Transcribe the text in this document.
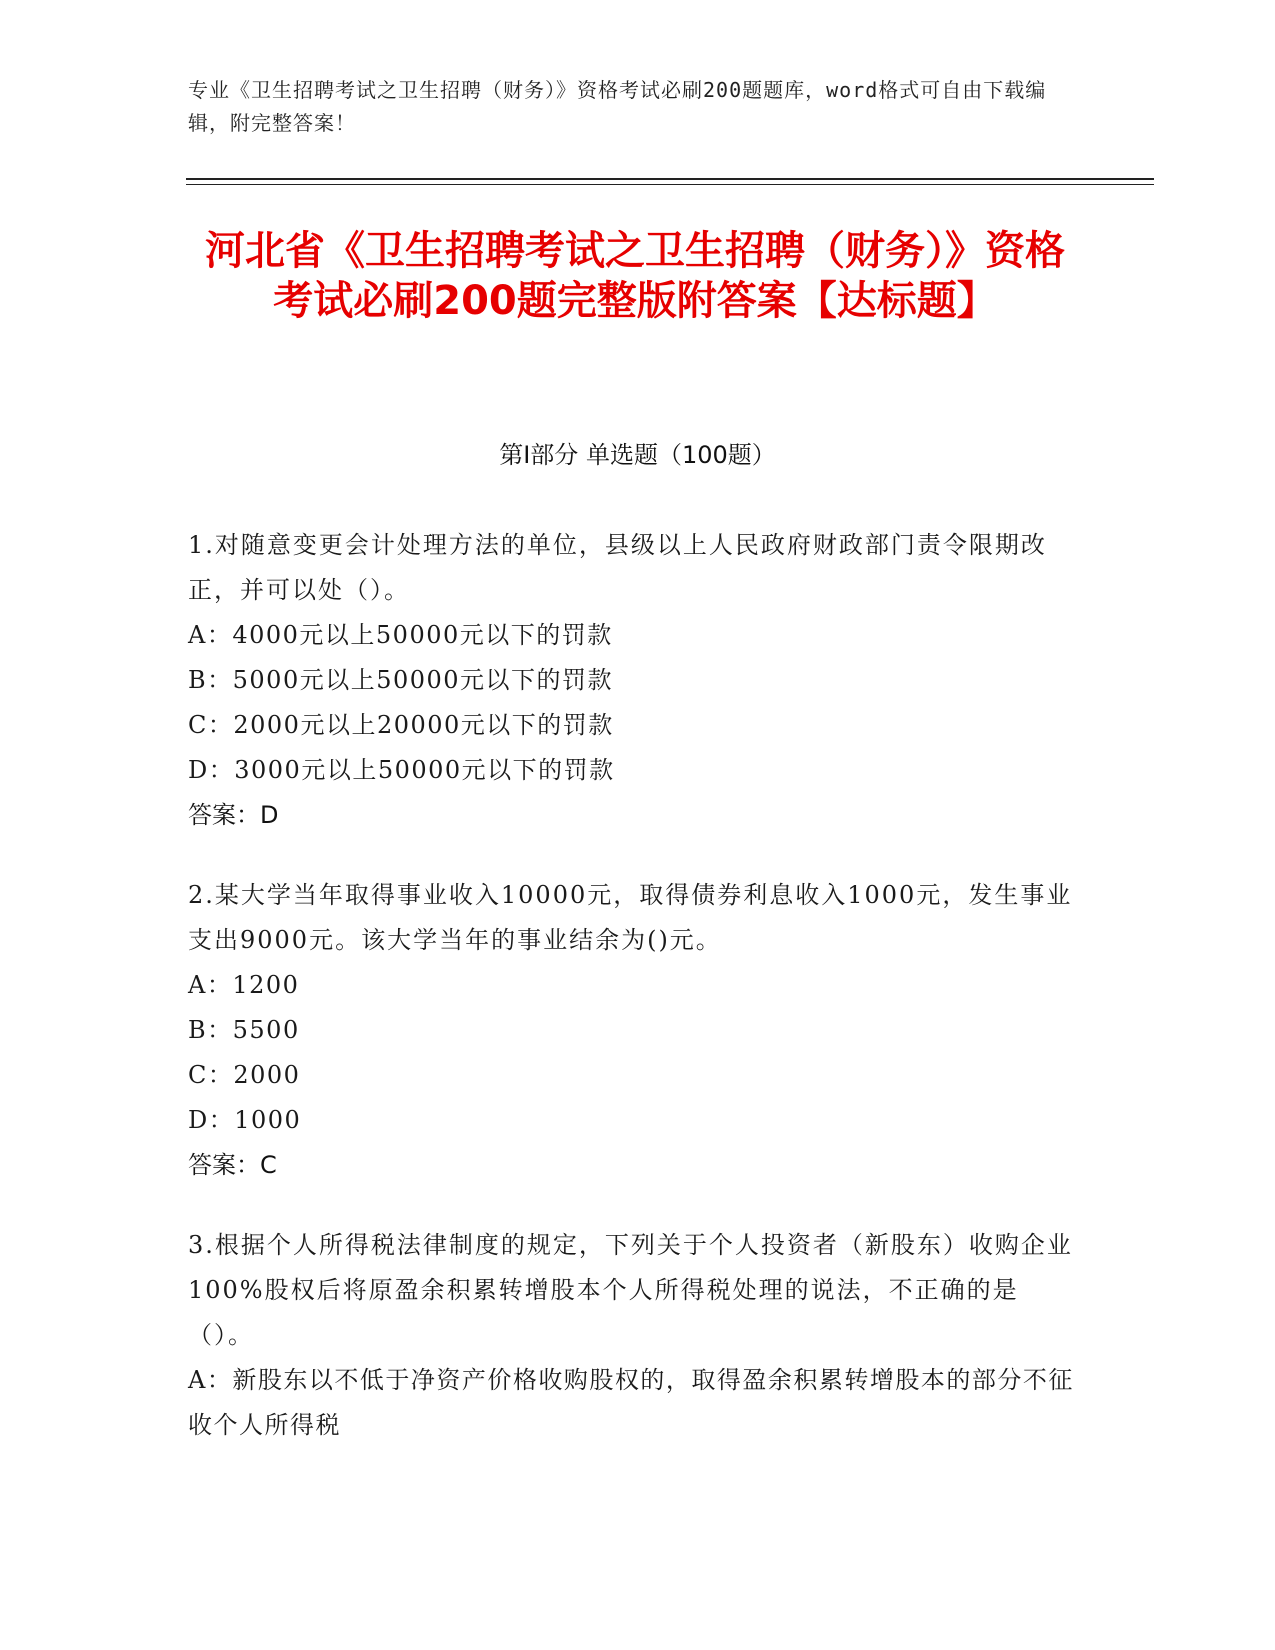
专业《卫生招聘考试之卫生招聘（财务）》资格考试必刷200题题库，word格式可自由下载编辑，附完整答案！
河北省《卫生招聘考试之卫生招聘（财务）》资格考试必刷200题完整版附答案【达标题】
第I部分 单选题（100题）

1.对随意变更会计处理方法的单位，县级以上人民政府财政部门责令限期改正，并可以处（）。

A：4000元以上50000元以下的罚款

B：5000元以上50000元以下的罚款

C：2000元以上20000元以下的罚款

D：3000元以上50000元以下的罚款

答案：D

2.某大学当年取得事业收入10000元，取得债券利息收入1000元，发生事业支出9000元。该大学当年的事业结余为()元。

A：1200

B：5500

C：2000

D：1000

答案：C

3.根据个人所得税法律制度的规定，下列关于个人投资者（新股东）收购企业100%股权后将原盈余积累转增股本个人所得税处理的说法，不正确的是（）。

A：新股东以不低于净资产价格收购股权的，取得盈余积累转增股本的部分不征收个人所得税
